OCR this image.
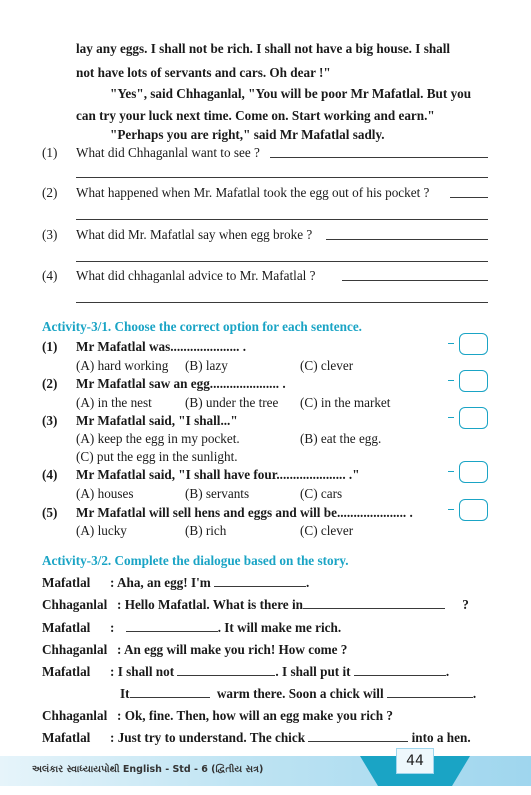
lay any eggs. I shall not be rich. I shall not have a big house. I shall
not have lots of servants and cars. Oh dear !"
"Yes", said Chhaganlal, "You will be poor Mr Mafatlal. But you
can try your luck next time. Come on. Start working and earn."
"Perhaps you are right," said Mr Mafatlal sadly.
(1) What did Chhaganlal want to see ?
(2) What happened when Mr. Mafatlal took the egg out of his pocket ?
(3) What did Mr. Mafatlal say when egg broke ?
(4) What did chhaganlal advice to Mr. Mafatlal ?
Activity-3/1. Choose the correct option for each sentence.
(1) Mr Mafatlal was..................... .
(A) hard working (B) lazy	(C) clever
(2) Mr Mafatlal saw an egg..................... .
(A) in the nest	(B) under the tree (C) in the market
(3) Mr Mafatlal said, "I shall..."
(A) keep the egg in my pocket.	(B) eat the egg.
(C) put the egg in the sunlight.
(4) Mr Mafatlal said, "I shall have four..................... ."
(A) houses	(B) servants	(C) cars
(5) Mr Mafatlal will sell hens and eggs and will be..................... .
(A) lucky	(B) rich	(C) clever
Activity-3/2. Complete the dialogue based on the story.
Mafatlal : Aha, an egg! I'm	.
Chhaganlal : Hello Mafatlal. What is there in	?
Mafatlal :	. It will make me rich.
Chhaganlal : An egg will make you rich! How come ?
Mafatlal : I shall not	. I shall put it	.
It	warm there. Soon a chick will	.
Chhaganlal : Ok, fine. Then, how will an egg make you rich ?
Mafatlal : Just try to understand. The chick	into a hen.
અલંકાર સ્વાધ્યાયપોથી English - Std - 6 (દ્વિતીય સત્ર)
44
